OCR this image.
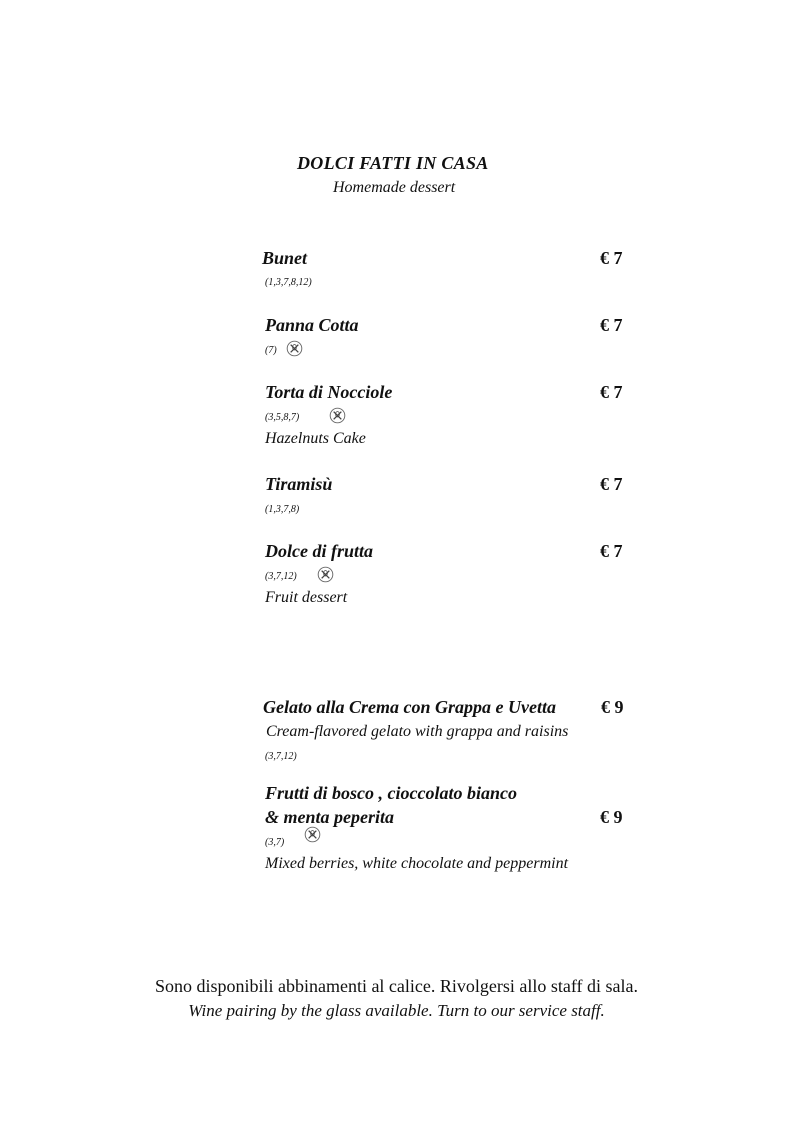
DOLCI FATTI IN CASA
Homemade dessert
Bunet	€ 7
(1,3,7,8,12)
Panna Cotta	€ 7
(7)
Torta di Nocciole	€ 7
(3,5,8,7)
Hazelnuts Cake
Tiramisù	€ 7
(1,3,7,8)
Dolce di frutta	€ 7
(3,7,12)
Fruit dessert
Gelato alla Crema con Grappa e Uvetta	€ 9
Cream-flavored gelato with grappa and raisins
(3,7,12)
Frutti di bosco , cioccolato bianco
& menta peperita	€ 9
(3,7)
Mixed berries, white chocolate and peppermint
Sono disponibili abbinamenti al calice. Rivolgersi allo staff di sala.
Wine pairing by the glass available. Turn to our service staff.
